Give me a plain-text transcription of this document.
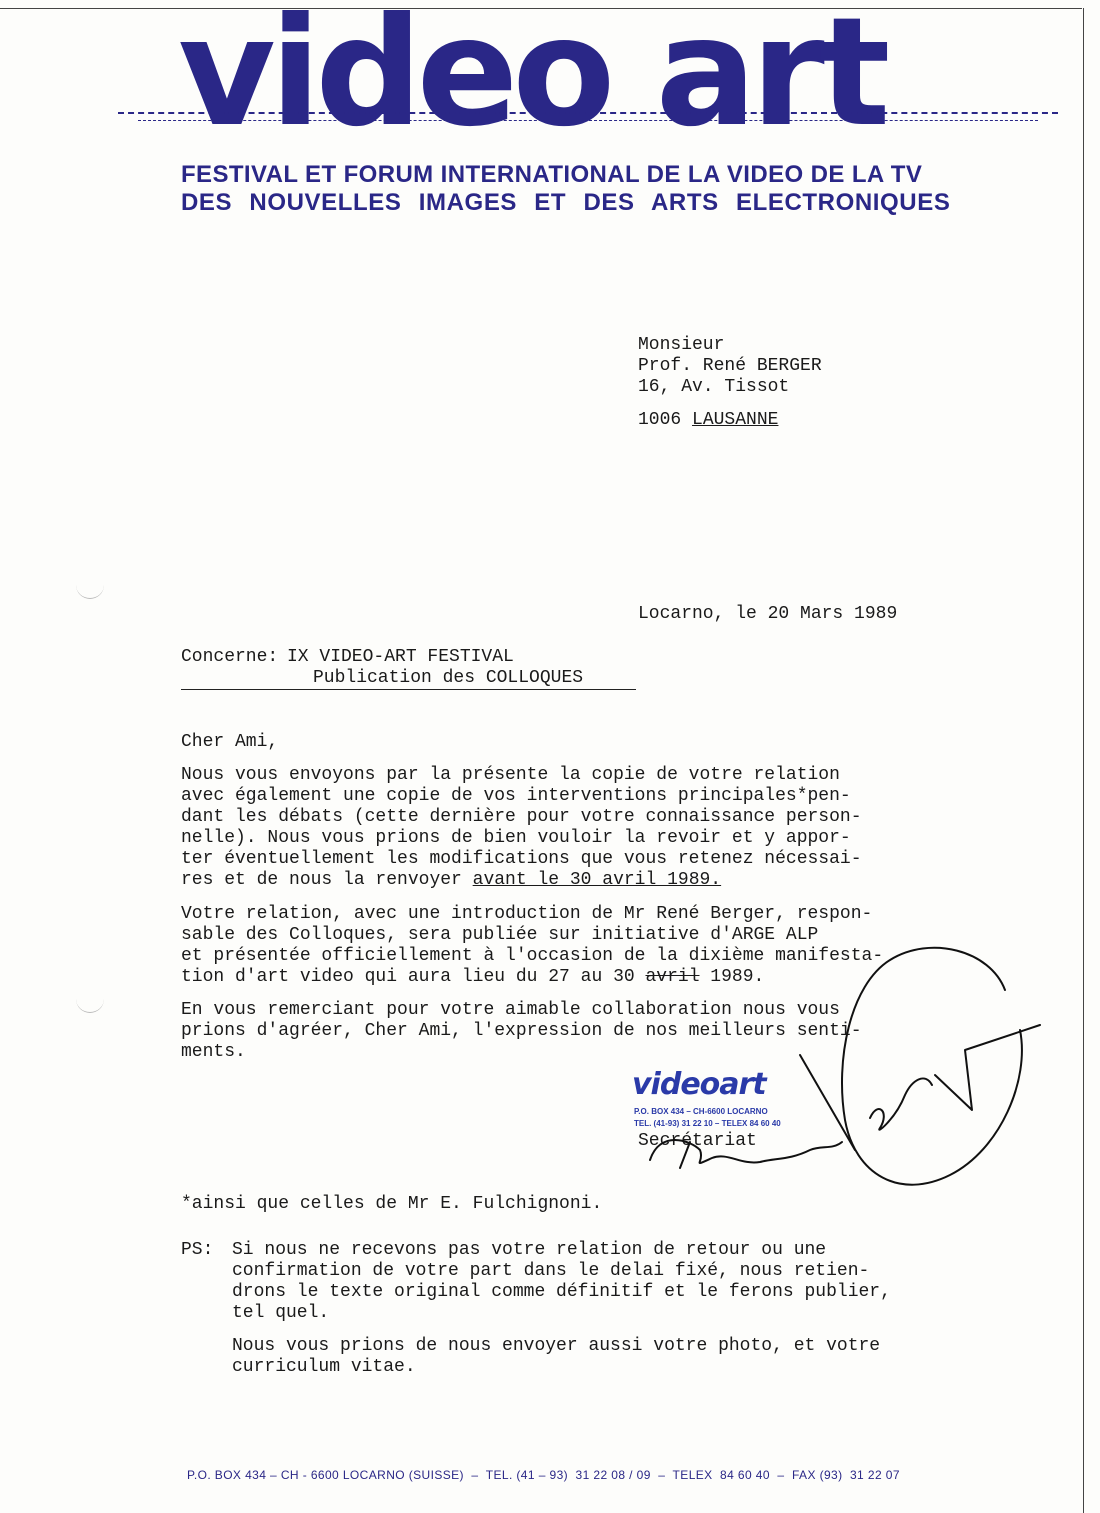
video art
FESTIVAL ET FORUM INTERNATIONAL DE LA VIDEO DE LA TV
DES NOUVELLES IMAGES ET DES ARTS ELECTRONIQUES
Monsieur
Prof. René BERGER
16, Av. Tissot
1006 LAUSANNE
Locarno, le 20 Mars 1989
Concerne: IX VIDEO-ART FESTIVAL
Publication des COLLOQUES
Cher Ami,
Nous vous envoyons par la présente la copie de votre relation
avec également une copie de vos interventions principales*pen-
dant les débats (cette dernière pour votre connaissance person-
nelle). Nous vous prions de bien vouloir la revoir et y appor-
ter éventuellement les modifications que vous retenez nécessai-
res et de nous la renvoyer avant le 30 avril 1989.
Votre relation, avec une introduction de Mr René Berger, respon-
sable des Colloques, sera publiée sur initiative d'ARGE ALP
et présentée officiellement à l'occasion de la dixième manifesta-
tion d'art video qui aura lieu du 27 au 30 avril 1989.
En vous remerciant pour votre aimable collaboration nous vous
prions d'agréer, Cher Ami, l'expression de nos meilleurs senti-
ments.
videoart
P.O. BOX 434 – CH-6600 LOCARNO
TEL. (41-93) 31 22 10 – TELEX 84 60 40
Secrétariat
*ainsi que celles de Mr E. Fulchignoni.
PS: Si nous ne recevons pas votre relation de retour ou une
confirmation de votre part dans le delai fixé, nous retien-
drons le texte original comme définitif et le ferons publier,
tel quel.
Nous vous prions de nous envoyer aussi votre photo, et votre
curriculum vitae.
P.O. BOX 434 – CH - 6600 LOCARNO (SUISSE)  –  TEL. (41 – 93)  31 22 08 / 09  –  TELEX  84 60 40  –  FAX (93)  31 22 07
